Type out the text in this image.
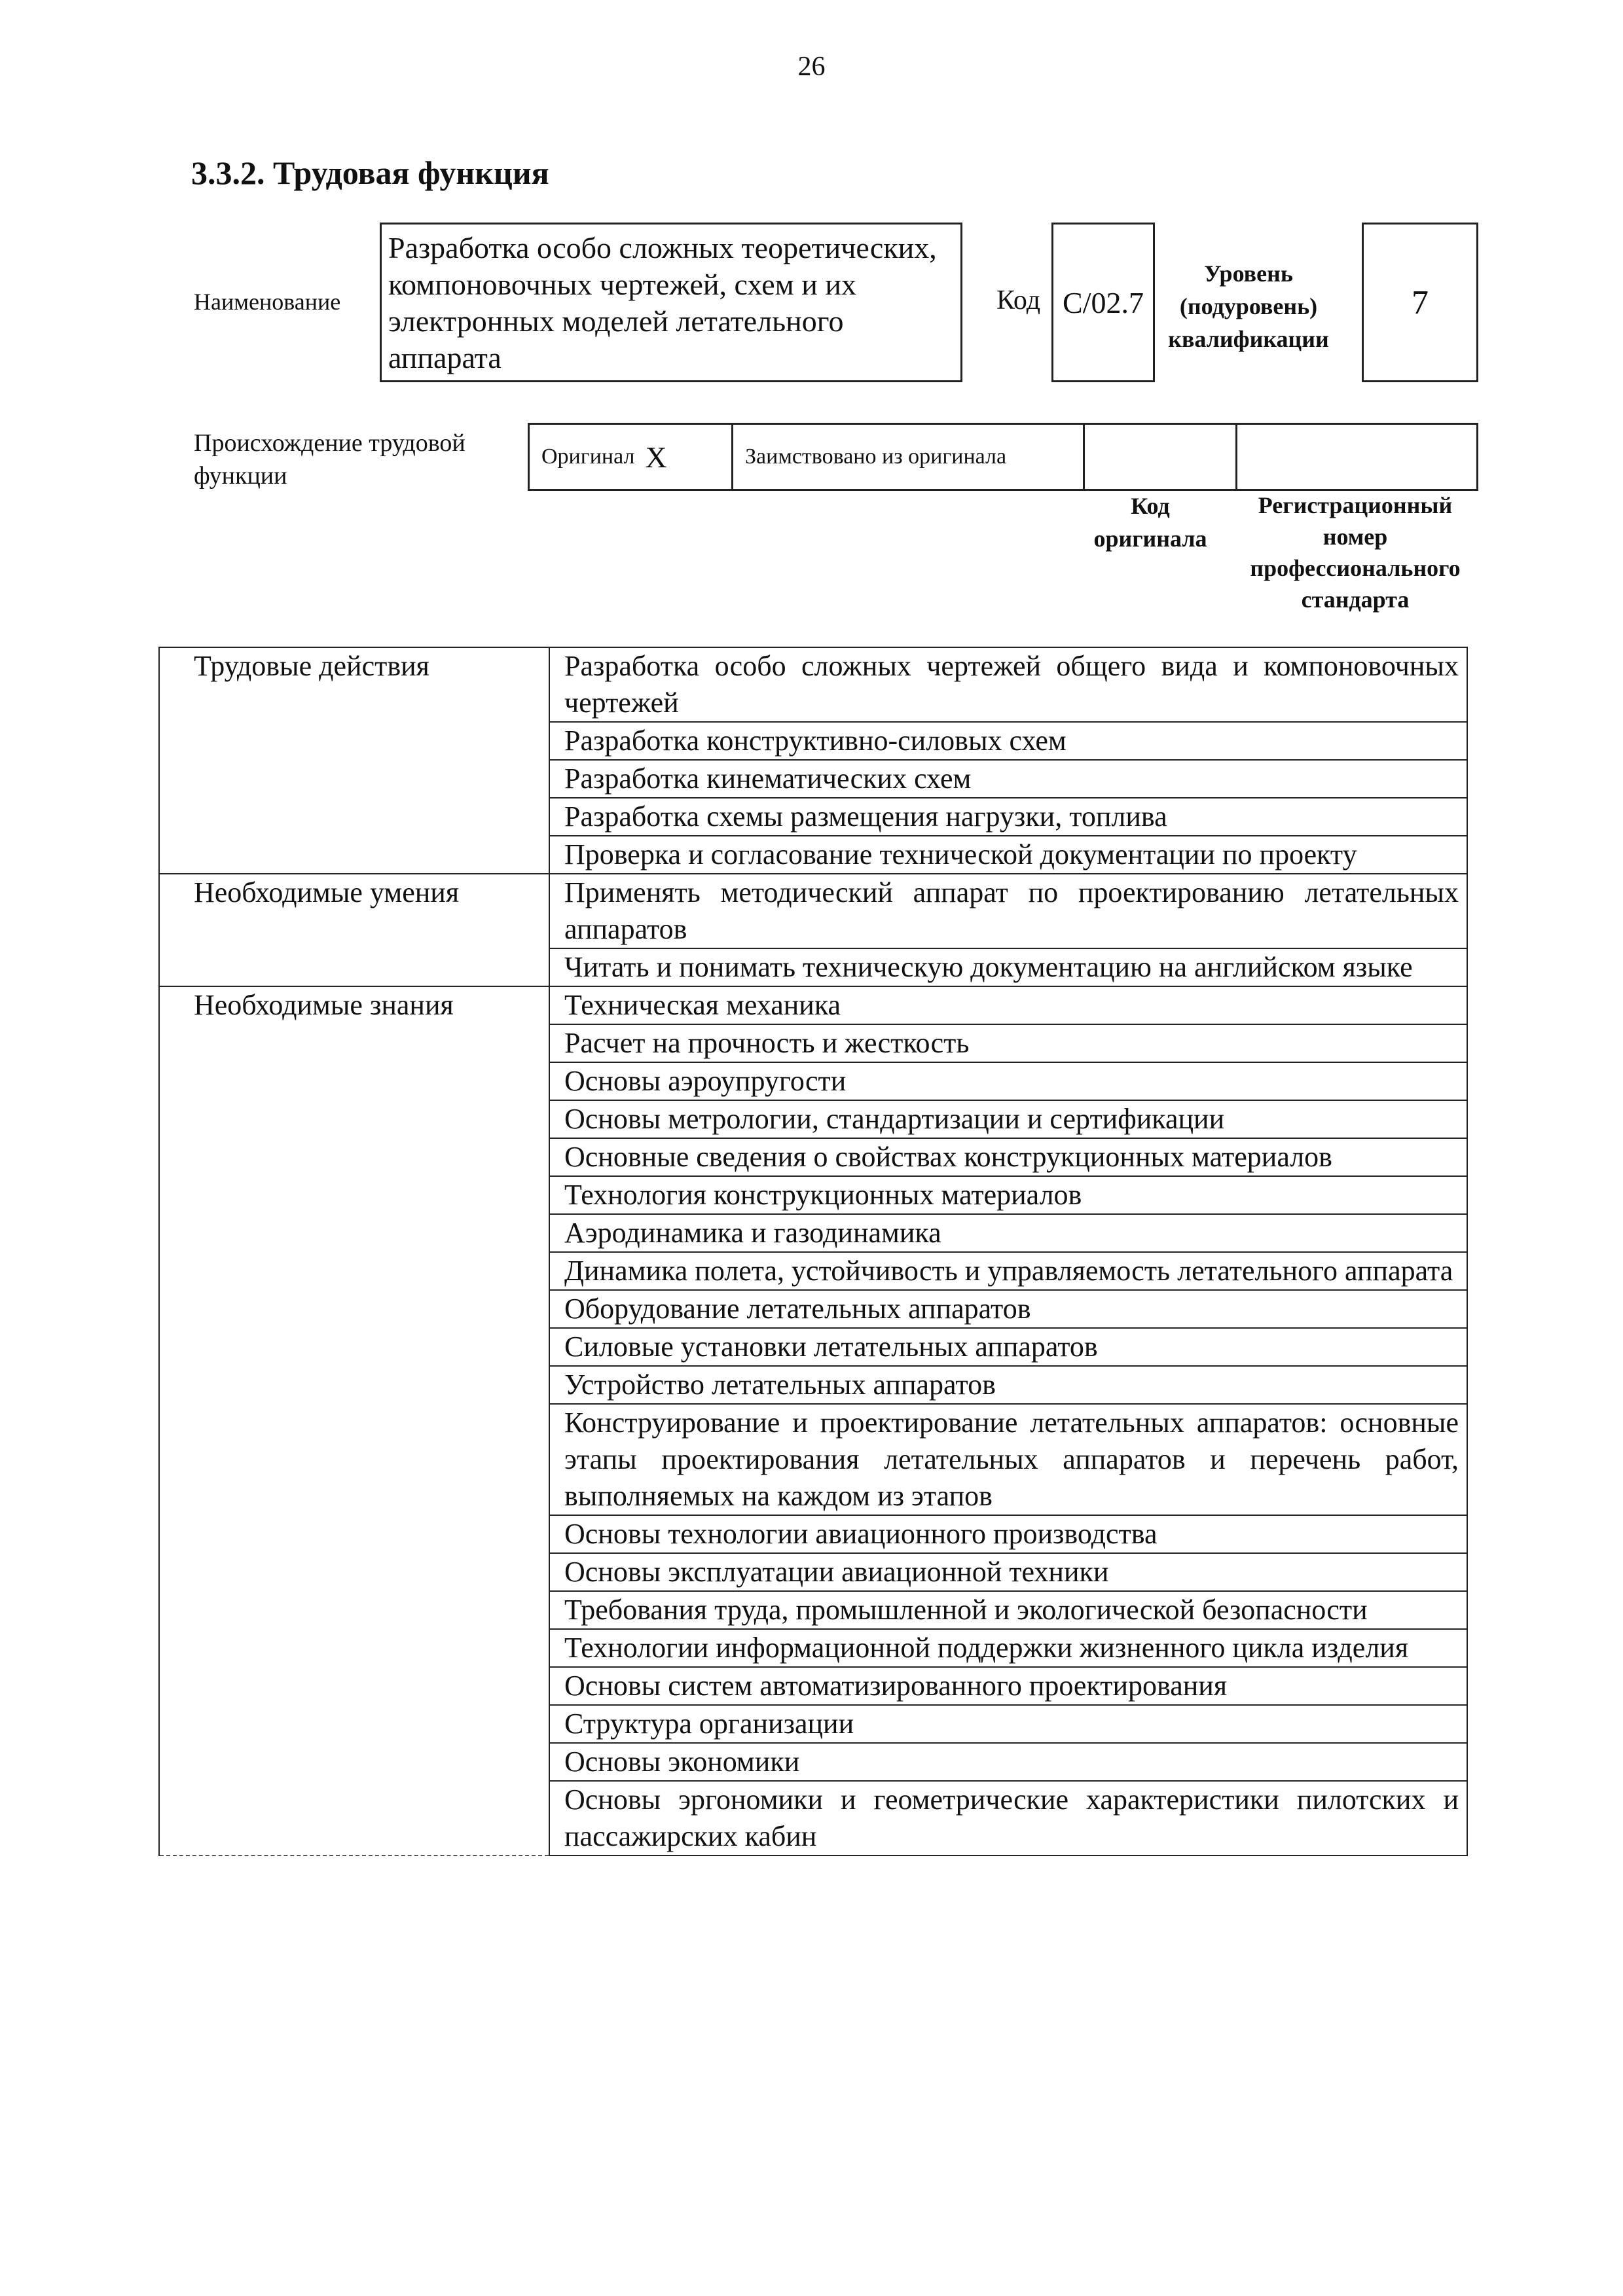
26
3.3.2. Трудовая функция
Наименование
Разработка особо сложных теоретических, компоновочных чертежей, схем и их электронных моделей летательного аппарата
Код C/02.7
Уровень (подуровень) квалификации
7
Происхождение трудовой функции
Оригинал X	Заимствовано из оригинала
Код оригинала
Регистрационный номер профессионального стандарта
Трудовые действия	Разработка особо сложных чертежей общего вида и компоновочных чертежей
	Разработка конструктивно-силовых схем
	Разработка кинематических схем
	Разработка схемы размещения нагрузки, топлива
	Проверка и согласование технической документации по проекту
Необходимые умения	Применять методический аппарат по проектированию летательных аппаратов
	Читать и понимать техническую документацию на английском языке
Необходимые знания	Техническая механика
	Расчет на прочность и жесткость
	Основы аэроупругости
	Основы метрологии, стандартизации и сертификации
	Основные сведения о свойствах конструкционных материалов
	Технология конструкционных материалов
	Аэродинамика и газодинамика
	Динамика полета, устойчивость и управляемость летательного аппарата
	Оборудование летательных аппаратов
	Силовые установки летательных аппаратов
	Устройство летательных аппаратов
	Конструирование и проектирование летательных аппаратов: основные этапы проектирования летательных аппаратов и перечень работ, выполняемых на каждом из этапов
	Основы технологии авиационного производства
	Основы эксплуатации авиационной техники
	Требования труда, промышленной и экологической безопасности
	Технологии информационной поддержки жизненного цикла изделия
	Основы систем автоматизированного проектирования
	Структура организации
	Основы экономики
	Основы эргономики и геометрические характеристики пилотских и пассажирских кабин
